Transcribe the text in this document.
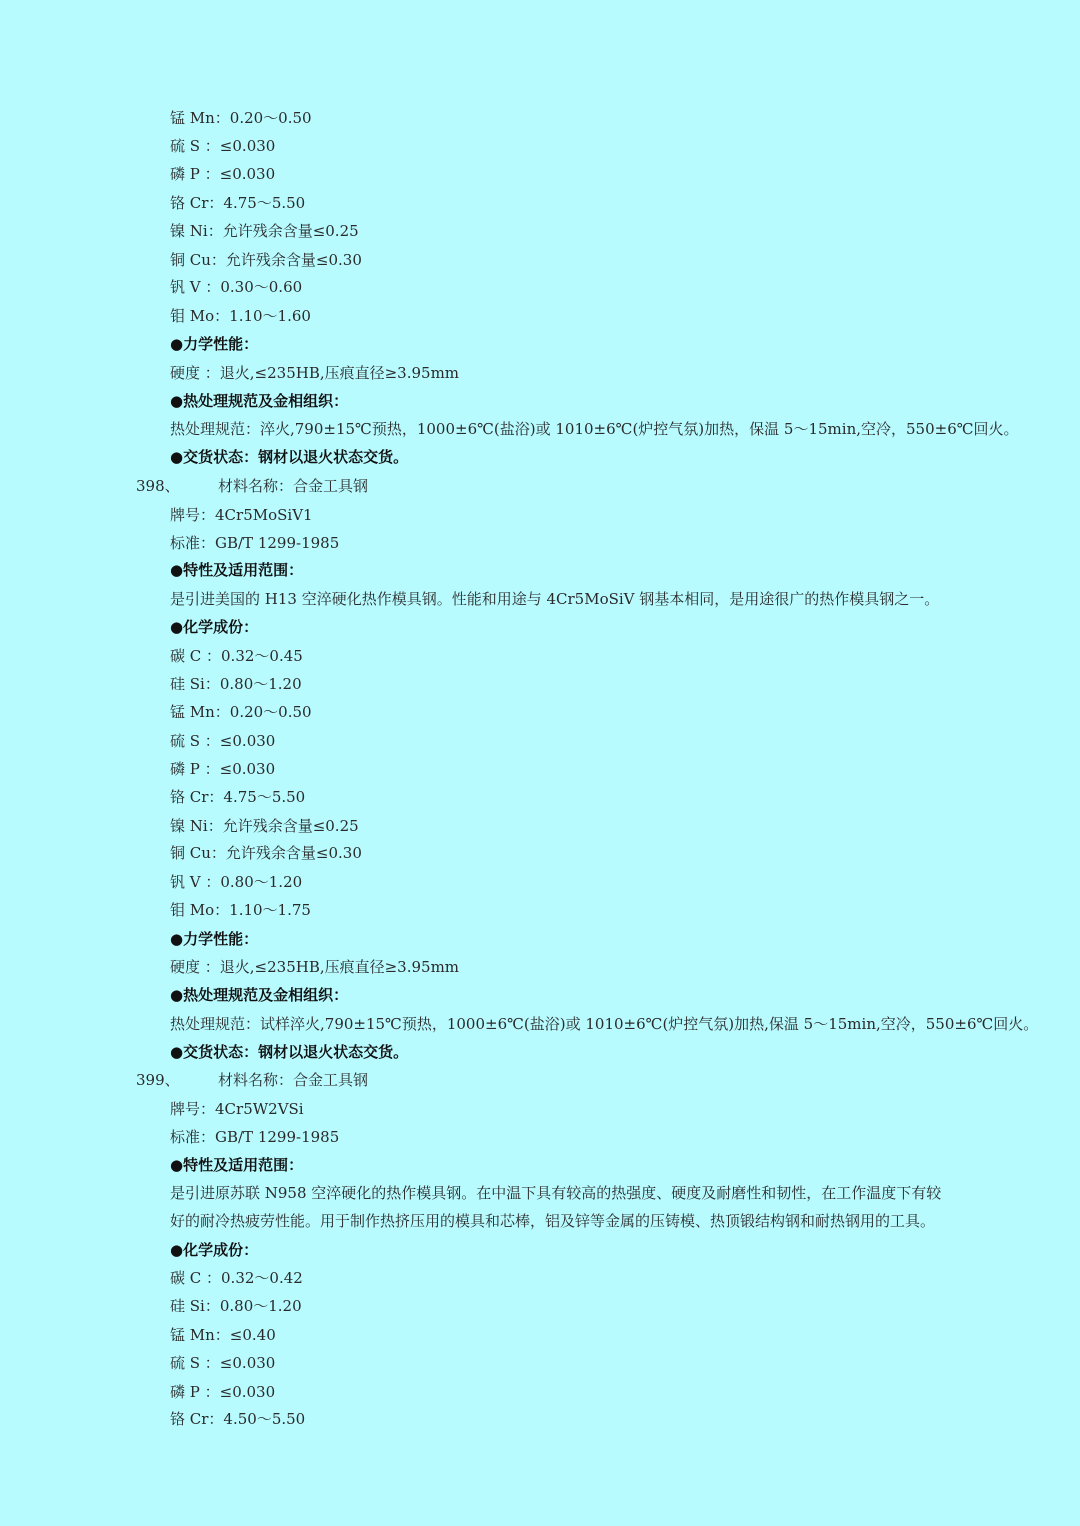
锰 Mn：0.20～0.50
硫 S ：≤0.030
磷 P ：≤0.030
铬 Cr：4.75～5.50
镍 Ni：允许残余含量≤0.25
铜 Cu：允许残余含量≤0.30
钒 V ：0.30～0.60
钼 Mo：1.10～1.60
●力学性能：
硬度 ：退火,≤235HB,压痕直径≥3.95mm
●热处理规范及金相组织：
热处理规范：淬火,790±15℃预热，1000±6℃(盐浴)或 1010±6℃(炉控气氛)加热，保温 5～15min,空冷，550±6℃回火。
●交货状态：钢材以退火状态交货。
398、	材料名称：合金工具钢
牌号：4Cr5MoSiV1
标准：GB/T 1299-1985
●特性及适用范围：
是引进美国的 H13 空淬硬化热作模具钢。性能和用途与 4Cr5MoSiV 钢基本相同，是用途很广的热作模具钢之一。
●化学成份：
碳 C ：0.32～0.45
硅 Si：0.80～1.20
锰 Mn：0.20～0.50
硫 S ：≤0.030
磷 P ：≤0.030
铬 Cr：4.75～5.50
镍 Ni：允许残余含量≤0.25
铜 Cu：允许残余含量≤0.30
钒 V ：0.80～1.20
钼 Mo：1.10～1.75
●力学性能：
硬度 ：退火,≤235HB,压痕直径≥3.95mm
●热处理规范及金相组织：
热处理规范：试样淬火,790±15℃预热，1000±6℃(盐浴)或 1010±6℃(炉控气氛)加热,保温 5～15min,空冷，550±6℃回火。
●交货状态：钢材以退火状态交货。
399、	材料名称：合金工具钢
牌号：4Cr5W2VSi
标准：GB/T 1299-1985
●特性及适用范围：
是引进原苏联 N958 空淬硬化的热作模具钢。在中温下具有较高的热强度、硬度及耐磨性和韧性，在工作温度下有较
好的耐冷热疲劳性能。用于制作热挤压用的模具和芯棒，铝及锌等金属的压铸模、热顶锻结构钢和耐热钢用的工具。
●化学成份：
碳 C ：0.32～0.42
硅 Si：0.80～1.20
锰 Mn：≤0.40
硫 S ：≤0.030
磷 P ：≤0.030
铬 Cr：4.50～5.50
